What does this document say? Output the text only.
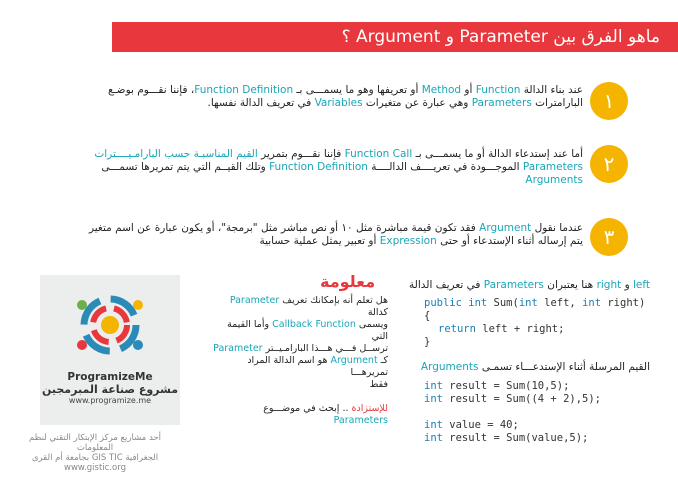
ماهو الفرق بين Parameter و Argument ؟
١
عند بناء الدالة Function أو Method أو تعريفها وهو ما يسمـــى بـ Function Definition، فإننا نقـــوم بوضـع
البارامترات Parameters وهي عبارة عن متغيرات Variables في تعريف الدالة نفسها.
٢
أما عند إستدعاء الدالة أو ما يسمـــى بـ Function Call فإننا نقـــوم بتمرير القيم المناسبـة حسب البارامـيــــترات
Parameters الموجـــودة في تعريــــف الدالــــة Function Definition وتلك القيــم التي يتم تمريرها تسمـــى
Arguments
٣
عندما نقول Argument فقد تكون قيمة مباشرة مثل ١٠ أو نص مباشر مثل "برمجة"، أو يكون عبارة عن اسم متغير
يتم إرساله أثناء الإستدعاء أو حتى Expression أو تعبير يمثل عملية حسابية
left و right هنا يعتبران Parameters في تعريف الدالة
public int Sum(int left, int right)
{
return left + right;
}
القيم المرسلة أثناء الإستدعـــاء تسمـى Arguments
int result = Sum(10,5);
int result = Sum((4 + 2),5);

int value = 40;
int result = Sum(value,5);
معلومة
هل تعلم أنه بإمكانك تعريف Parameter كدالة
ويسمى Callback Function وأما القيمة التي
ترســل فـــي هـــذا البارامـيــتر Parameter
كـ Argument هو اسم الدالة المراد تمريرهـــا
فقط
للإستزادة .. إبحث في موضـــوع Parameters
ProgramizeMe
مشروع صناعة المبرمجين
www.programize.me
أحد مشاريع مركز الإبتكار التقني لنظم المعلومات
الجغرافية GIS TIC بجامعة أم القرى
www.gistic.org
